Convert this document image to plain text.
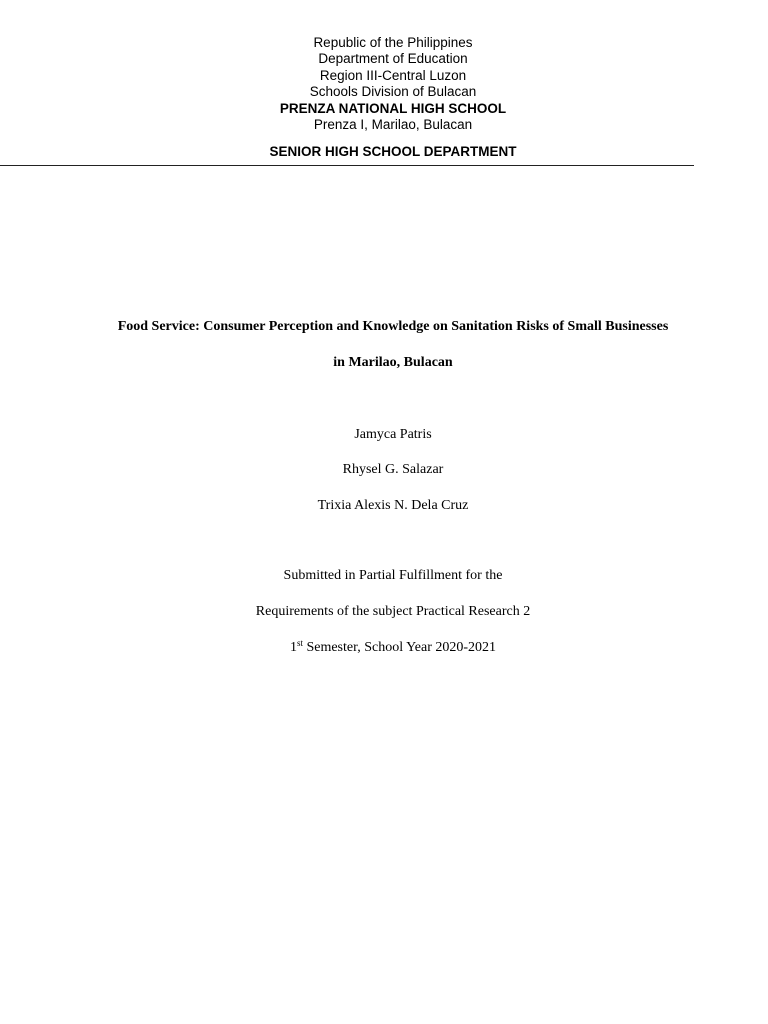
Republic of the Philippines
Department of Education
Region III-Central Luzon
Schools Division of Bulacan
PRENZA NATIONAL HIGH SCHOOL
Prenza I, Marilao, Bulacan
SENIOR HIGH SCHOOL DEPARTMENT
Food Service: Consumer Perception and Knowledge on Sanitation Risks of Small Businesses
in Marilao, Bulacan
Jamyca Patris
Rhysel G. Salazar
Trixia Alexis N. Dela Cruz
Submitted in Partial Fulfillment for the
Requirements of the subject Practical Research 2
1st Semester, School Year 2020-2021
